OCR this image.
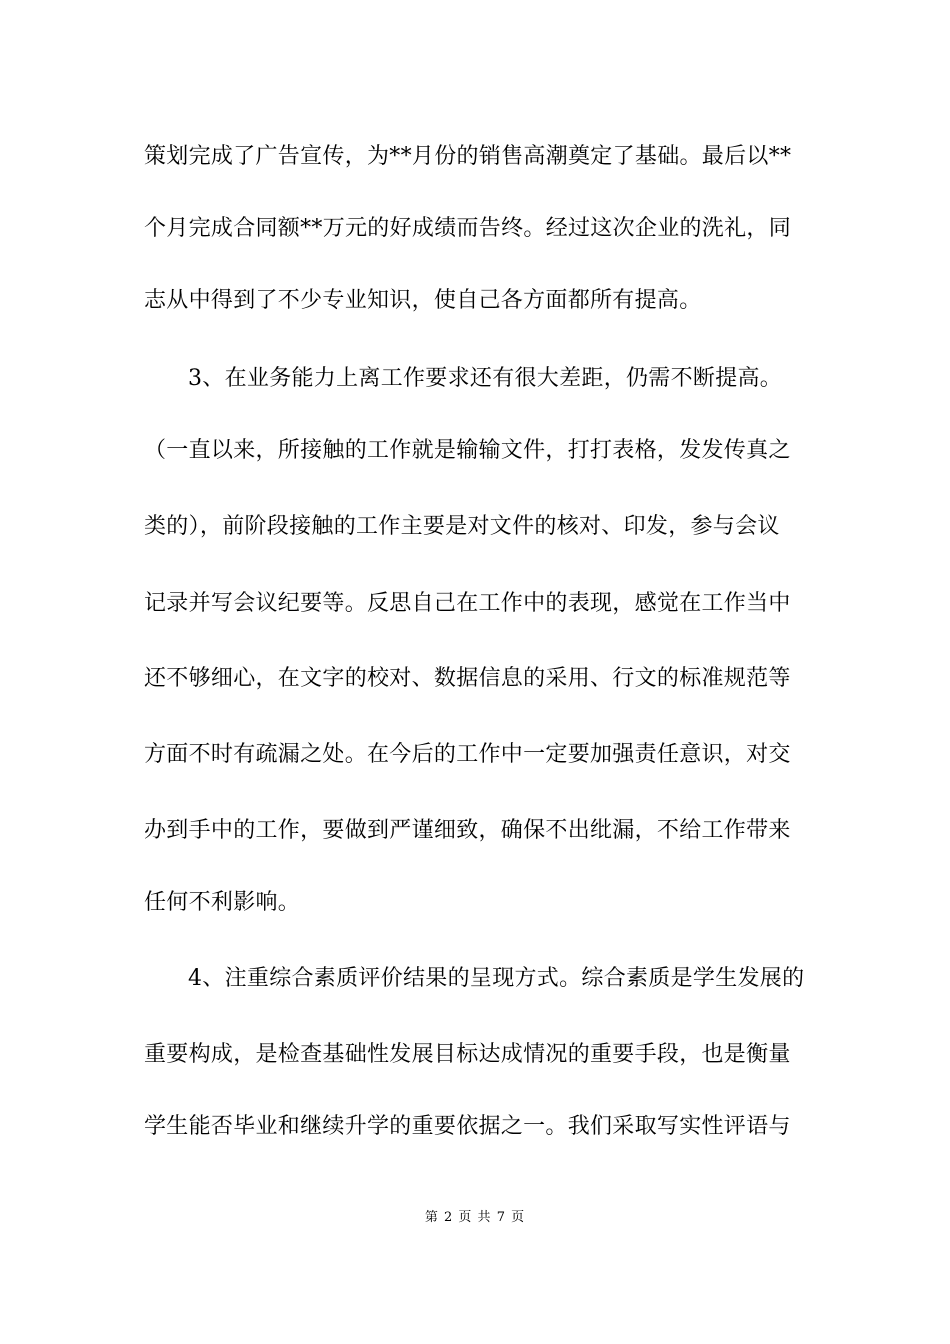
策划完成了广告宣传，为**月份的销售高潮奠定了基础。最后以**
个月完成合同额**万元的好成绩而告终。经过这次企业的洗礼，同
志从中得到了不少专业知识，使自己各方面都所有提高。
3、在业务能力上离工作要求还有很大差距，仍需不断提高。
（一直以来，所接触的工作就是输输文件，打打表格，发发传真之
类的），前阶段接触的工作主要是对文件的核对、印发，参与会议
记录并写会议纪要等。反思自己在工作中的表现，感觉在工作当中
还不够细心，在文字的校对、数据信息的采用、行文的标准规范等
方面不时有疏漏之处。在今后的工作中一定要加强责任意识，对交
办到手中的工作，要做到严谨细致，确保不出纰漏，不给工作带来
任何不利影响。
4、注重综合素质评价结果的呈现方式。综合素质是学生发展的
重要构成，是检查基础性发展目标达成情况的重要手段，也是衡量
学生能否毕业和继续升学的重要依据之一。我们采取写实性评语与
第 2 页 共 7 页
